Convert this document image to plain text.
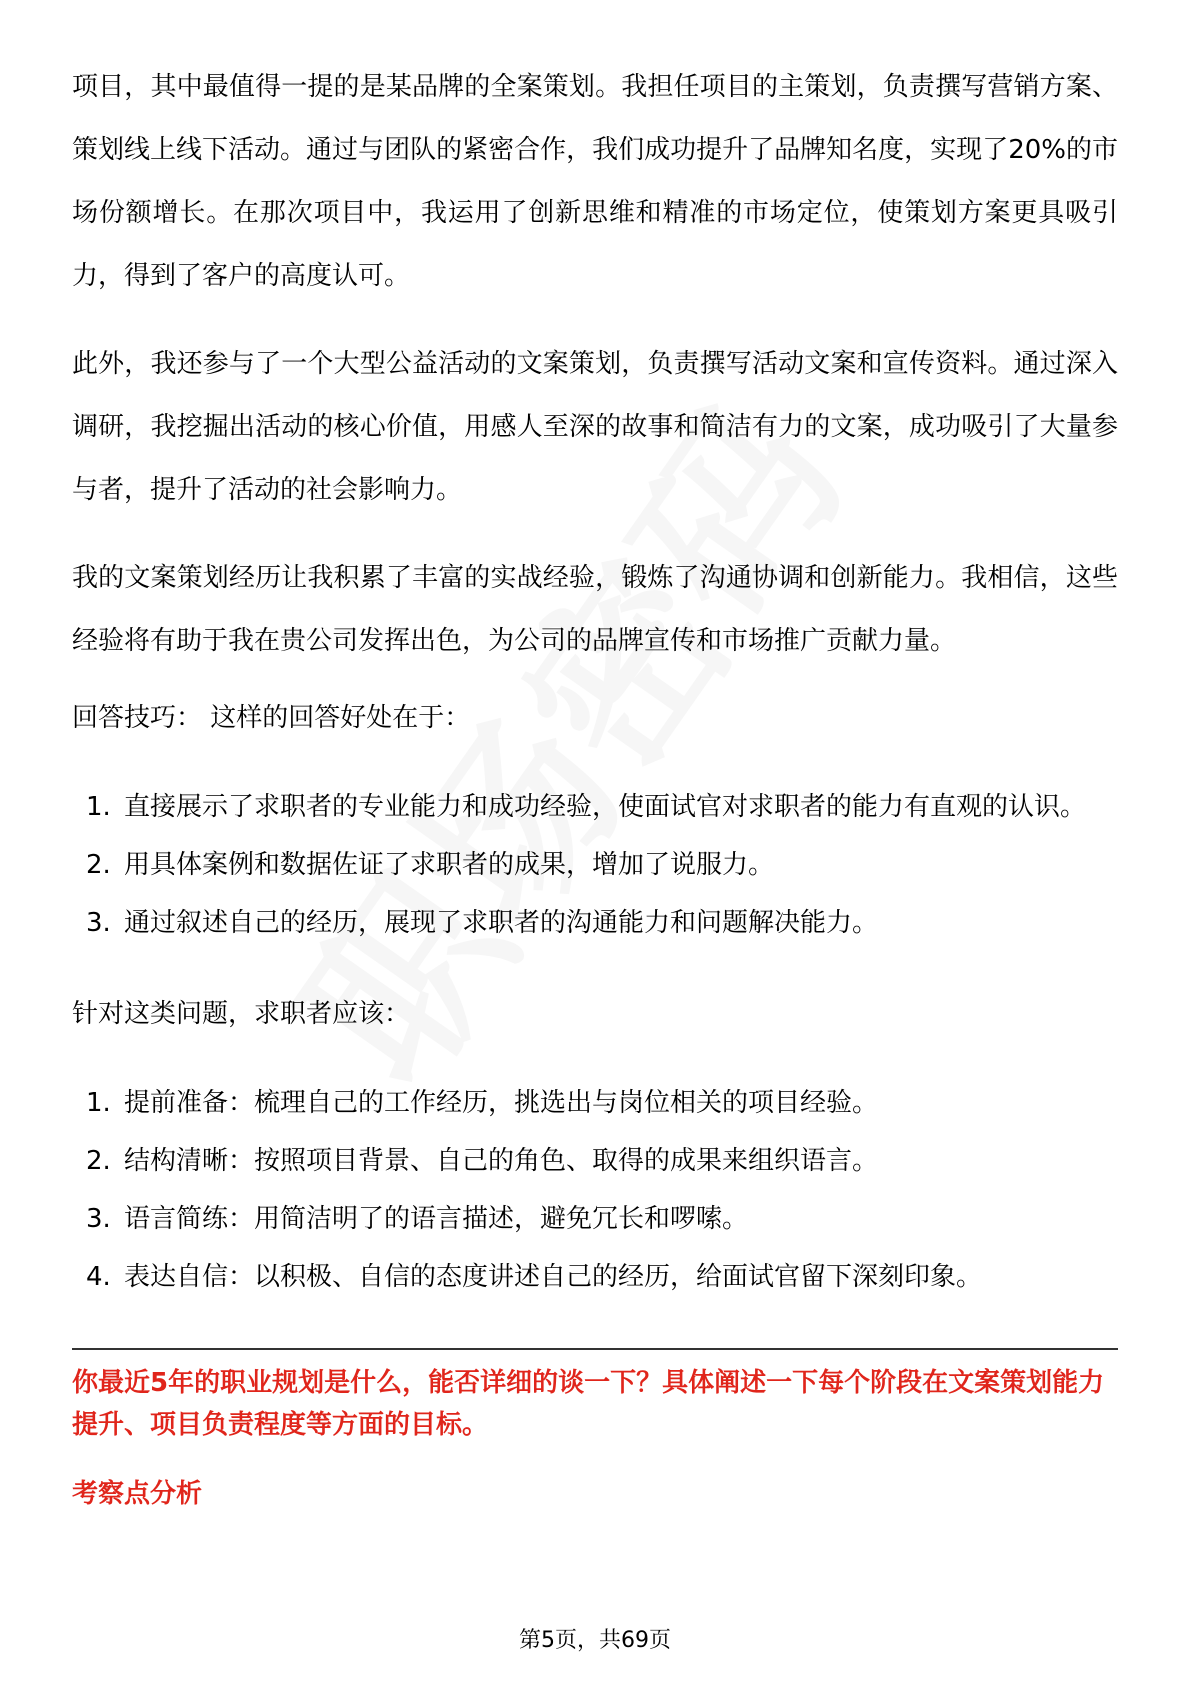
项目，其中最值得一提的是某品牌的全案策划。我担任项目的主策划，负责撰写营销方案、策划线上线下活动。通过与团队的紧密合作，我们成功提升了品牌知名度，实现了20%的市场份额增长。在那次项目中，我运用了创新思维和精准的市场定位，使策划方案更具吸引力，得到了客户的高度认可。

此外，我还参与了一个大型公益活动的文案策划，负责撰写活动文案和宣传资料。通过深入调研，我挖掘出活动的核心价值，用感人至深的故事和简洁有力的文案，成功吸引了大量参与者，提升了活动的社会影响力。

我的文案策划经历让我积累了丰富的实战经验，锻炼了沟通协调和创新能力。我相信，这些经验将有助于我在贵公司发挥出色，为公司的品牌宣传和市场推广贡献力量。

回答技巧： 这样的回答好处在于：

1. 直接展示了求职者的专业能力和成功经验，使面试官对求职者的能力有直观的认识。
2. 用具体案例和数据佐证了求职者的成果，增加了说服力。
3. 通过叙述自己的经历，展现了求职者的沟通能力和问题解决能力。

针对这类问题，求职者应该：

1. 提前准备：梳理自己的工作经历，挑选出与岗位相关的项目经验。
2. 结构清晰：按照项目背景、自己的角色、取得的成果来组织语言。
3. 语言简练：用简洁明了的语言描述，避免冗长和啰嗦。
4. 表达自信：以积极、自信的态度讲述自己的经历，给面试官留下深刻印象。

你最近5年的职业规划是什么，能否详细的谈一下？具体阐述一下每个阶段在文案策划能力提升、项目负责程度等方面的目标。

考察点分析

第5页，共69页
